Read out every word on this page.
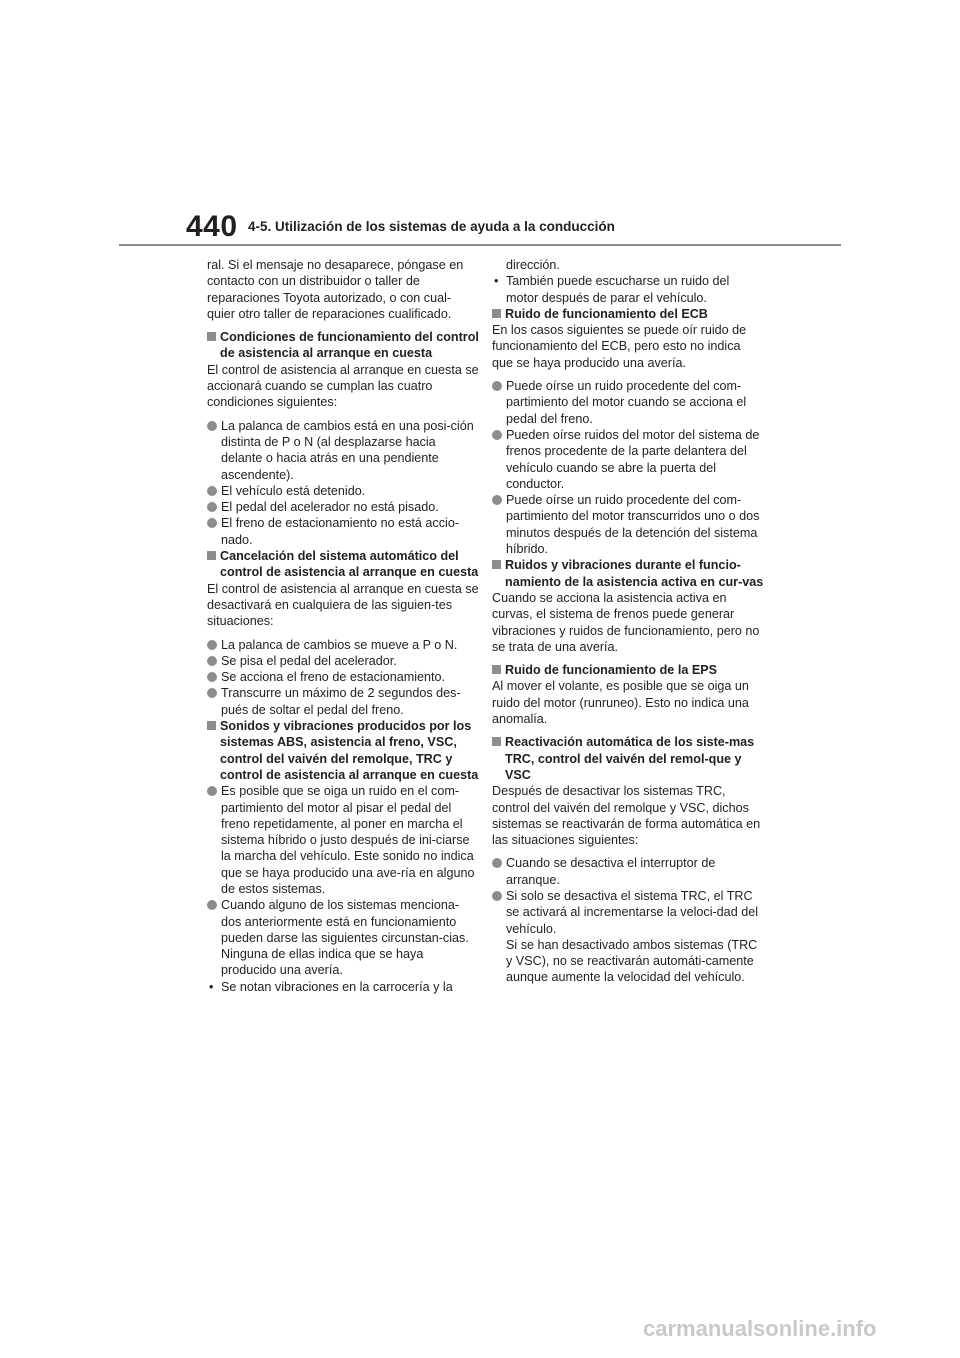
440 4-5. Utilización de los sistemas de ayuda a la conducción

ral. Si el mensaje no desaparece, póngase en contacto con un distribuidor o taller de reparaciones Toyota autorizado, o con cual-quier otro taller de reparaciones cualificado.

Condiciones de funcionamiento del control de asistencia al arranque en cuesta

El control de asistencia al arranque en cuesta se accionará cuando se cumplan las cuatro condiciones siguientes:

La palanca de cambios está en una posi-ción distinta de P o N (al desplazarse hacia delante o hacia atrás en una pendiente ascendente).

El vehículo está detenido.

El pedal del acelerador no está pisado.

El freno de estacionamiento no está accio-nado.

Cancelación del sistema automático del control de asistencia al arranque en cuesta

El control de asistencia al arranque en cuesta se desactivará en cualquiera de las siguien-tes situaciones:

La palanca de cambios se mueve a P o N.

Se pisa el pedal del acelerador.

Se acciona el freno de estacionamiento.

Transcurre un máximo de 2 segundos des-pués de soltar el pedal del freno.

Sonidos y vibraciones producidos por los sistemas ABS, asistencia al freno, VSC, control del vaivén del remolque, TRC y control de asistencia al arranque en cuesta

Es posible que se oiga un ruido en el com-partimiento del motor al pisar el pedal del freno repetidamente, al poner en marcha el sistema híbrido o justo después de ini-ciarse la marcha del vehículo. Este sonido no indica que se haya producido una ave-ría en alguno de estos sistemas.

Cuando alguno de los sistemas menciona-dos anteriormente está en funcionamiento pueden darse las siguientes circunstan-cias. Ninguna de ellas indica que se haya producido una avería.

• Se notan vibraciones en la carrocería y la

dirección.

• También puede escucharse un ruido del motor después de parar el vehículo.

Ruido de funcionamiento del ECB

En los casos siguientes se puede oír ruido de funcionamiento del ECB, pero esto no indica que se haya producido una avería.

Puede oírse un ruido procedente del com-partimiento del motor cuando se acciona el pedal del freno.

Pueden oírse ruidos del motor del sistema de frenos procedente de la parte delantera del vehículo cuando se abre la puerta del conductor.

Puede oírse un ruido procedente del com-partimiento del motor transcurridos uno o dos minutos después de la detención del sistema híbrido.

Ruidos y vibraciones durante el funcio-namiento de la asistencia activa en cur-vas

Cuando se acciona la asistencia activa en curvas, el sistema de frenos puede generar vibraciones y ruidos de funcionamiento, pero no se trata de una avería.

Ruido de funcionamiento de la EPS

Al mover el volante, es posible que se oiga un ruido del motor (runruneo). Esto no indica una anomalía.

Reactivación automática de los siste-mas TRC, control del vaivén del remol-que y VSC

Después de desactivar los sistemas TRC, control del vaivén del remolque y VSC, dichos sistemas se reactivarán de forma automática en las situaciones siguientes:

Cuando se desactiva el interruptor de arranque.

Si solo se desactiva el sistema TRC, el TRC se activará al incrementarse la veloci-dad del vehículo.

Si se han desactivado ambos sistemas (TRC y VSC), no se reactivarán automáti-camente aunque aumente la velocidad del vehículo.

carmanualsonline.info
